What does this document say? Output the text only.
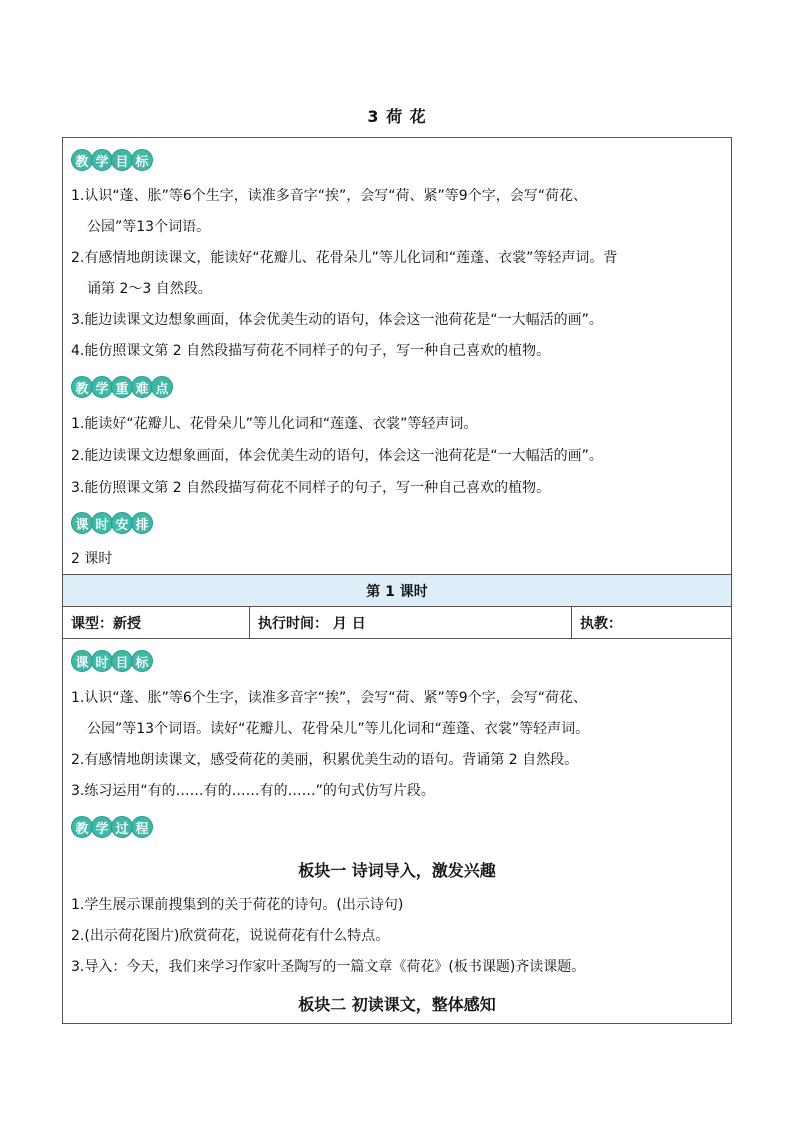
3 荷 花
教 学 目 标
1.认识“蓬、胀”等6个生字，读准多音字“挨”，会写“荷、紧”等9个字，会写“荷花、
公园”等13个词语。
2.有感情地朗读课文，能读好“花瓣儿、花骨朵儿”等儿化词和“莲蓬、衣裳”等轻声词。背
诵第 2～3 自然段。
3.能边读课文边想象画面，体会优美生动的语句，体会这一池荷花是“一大幅活的画”。
4.能仿照课文第 2 自然段描写荷花不同样子的句子，写一种自己喜欢的植物。
教 学 重 难 点
1.能读好“花瓣儿、花骨朵儿”等儿化词和“莲蓬、衣裳”等轻声词。
2.能边读课文边想象画面，体会优美生动的语句，体会这一池荷花是“一大幅活的画”。
3.能仿照课文第 2 自然段描写荷花不同样子的句子，写一种自己喜欢的植物。
课 时 安 排
2 课时
第 1 课时
课型：新授	执行时间： 月 日	执教：
课 时 目 标
1.认识“蓬、胀”等6个生字，读准多音字“挨”，会写“荷、紧”等9个字，会写“荷花、
公园”等13个词语。读好“花瓣儿、花骨朵儿”等儿化词和“莲蓬、衣裳”等轻声词。
2.有感情地朗读课文，感受荷花的美丽，积累优美生动的语句。背诵第 2 自然段。
3.练习运用“有的……有的……有的……”的句式仿写片段。
教 学 过 程
板块一 诗词导入，激发兴趣
1.学生展示课前搜集到的关于荷花的诗句。(出示诗句)
2.(出示荷花图片)欣赏荷花，说说荷花有什么特点。
3.导入：今天，我们来学习作家叶圣陶写的一篇文章《荷花》(板书课题)齐读课题。
板块二 初读课文，整体感知
